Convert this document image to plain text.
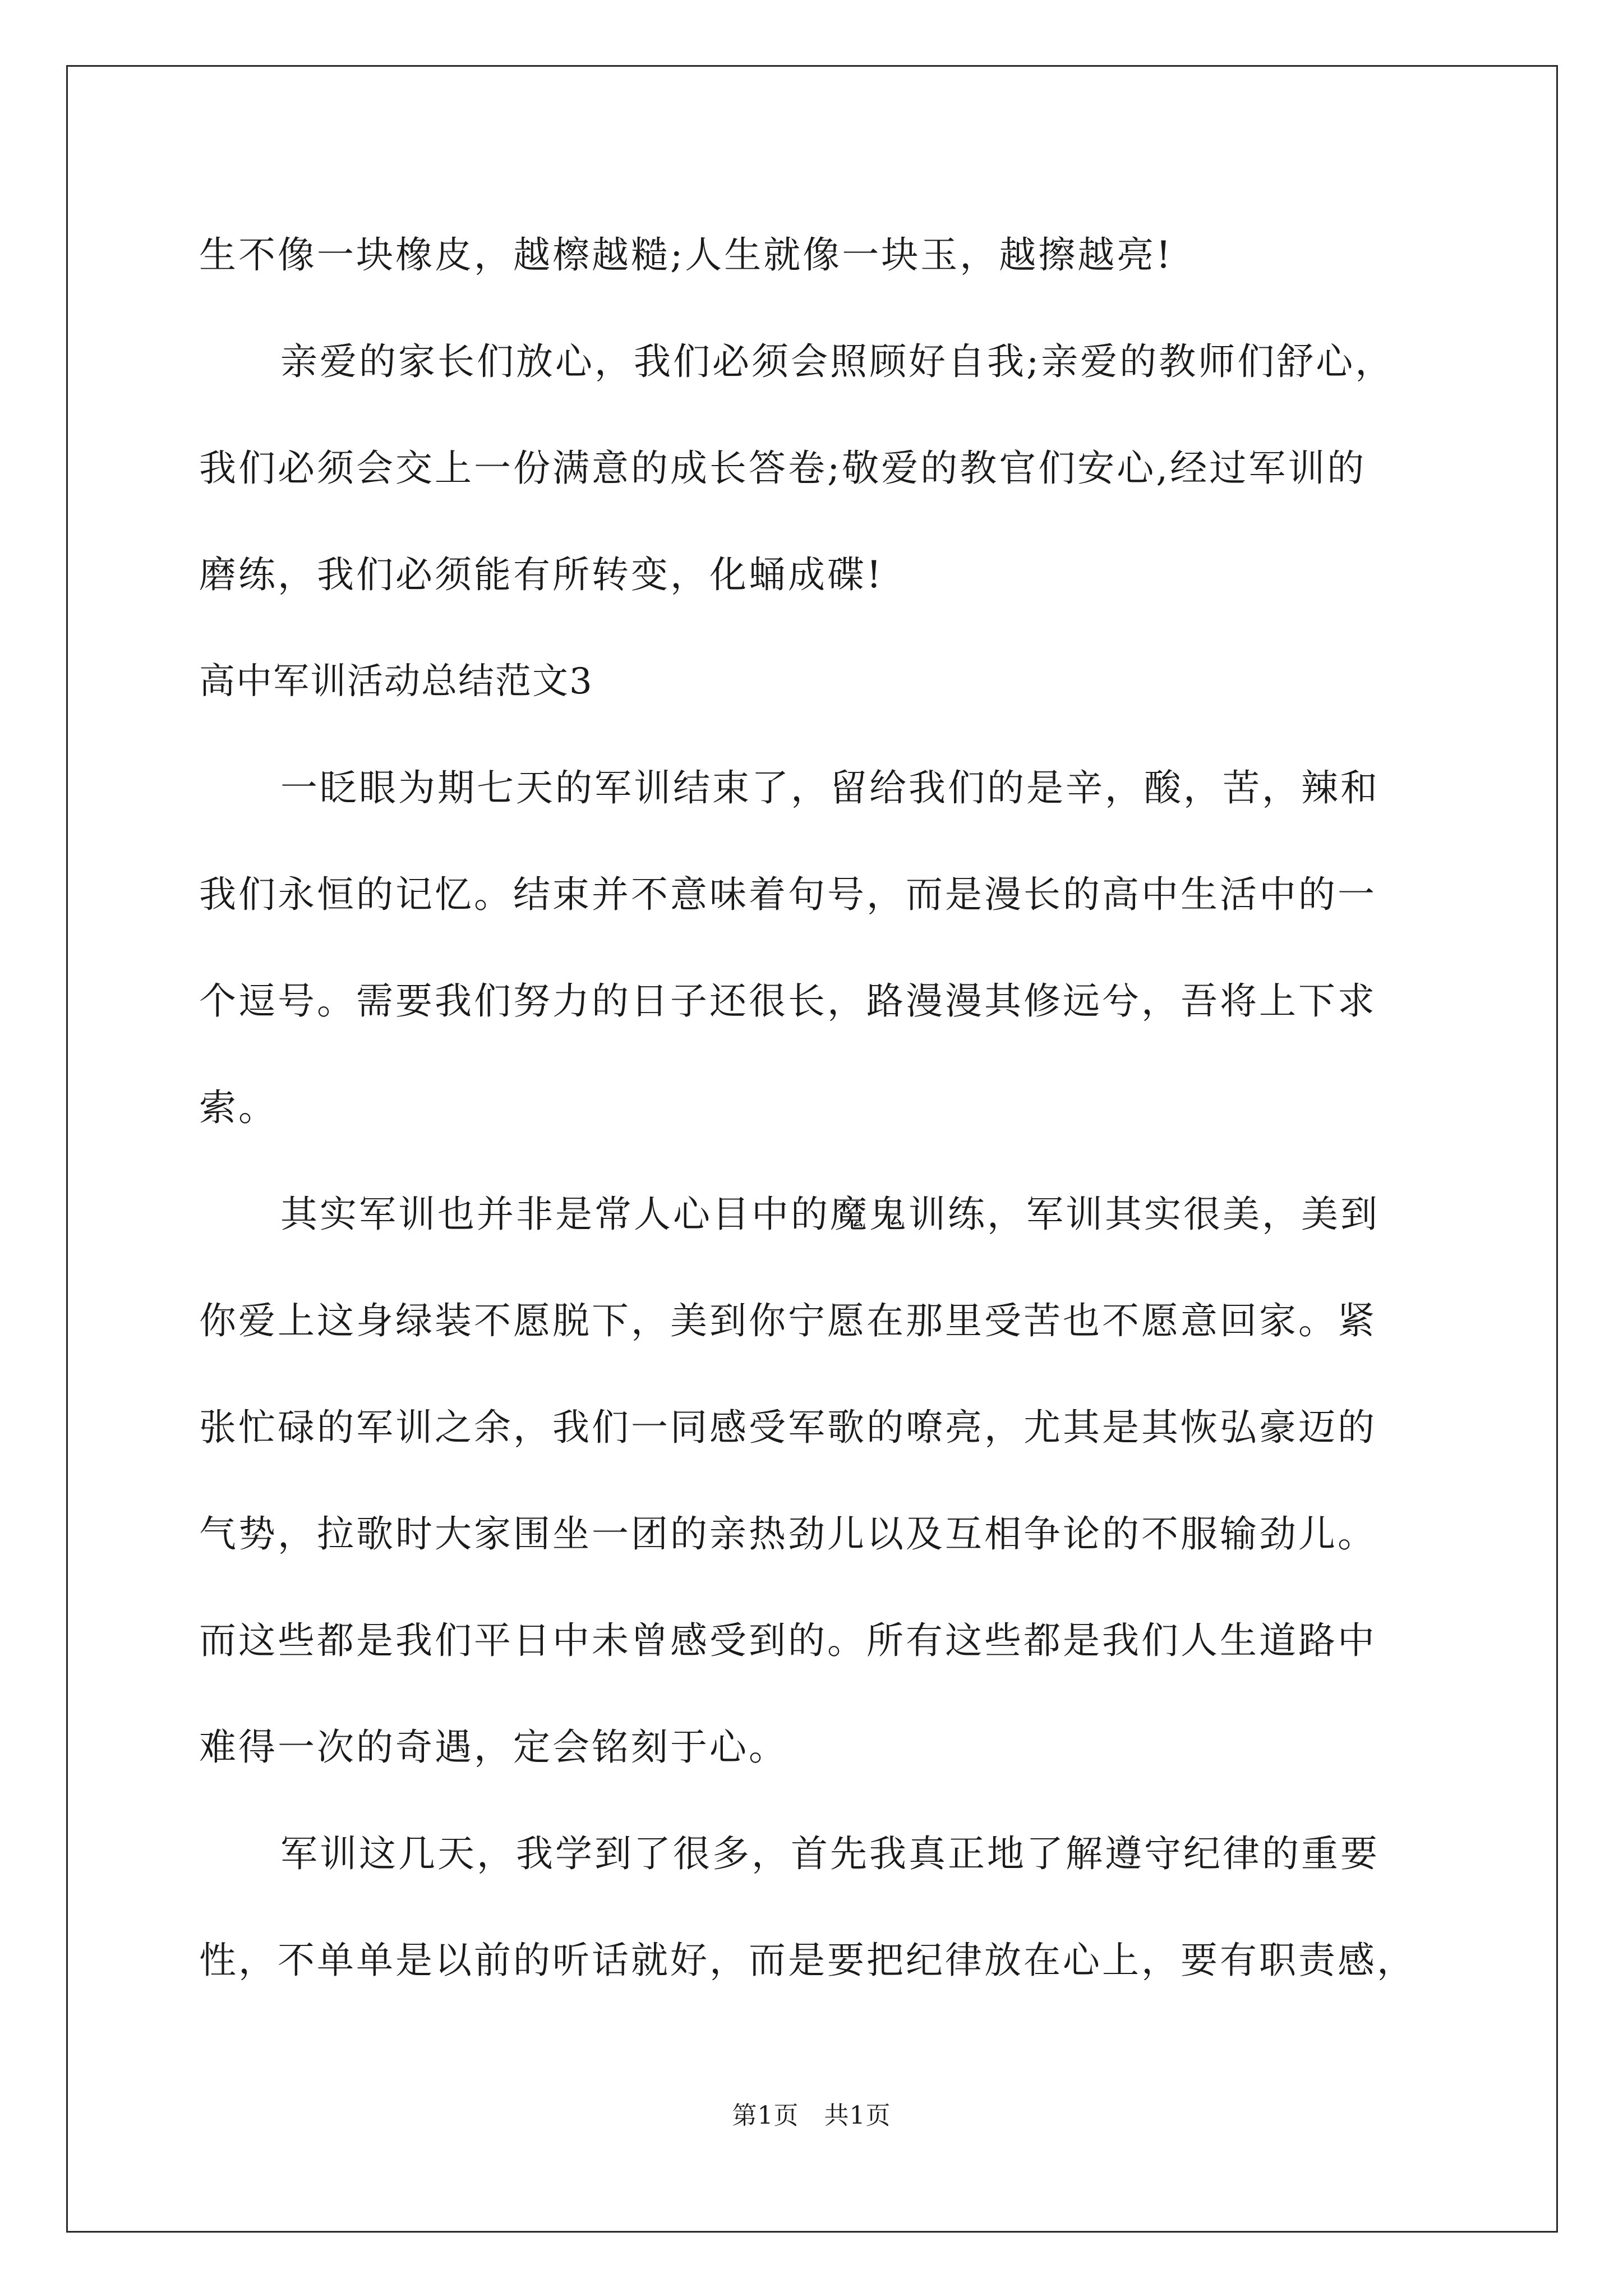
生不像一块橡皮，越檫越糙;人生就像一块玉，越擦越亮!
亲爱的家长们放心，我们必须会照顾好自我;亲爱的教师们舒心，
我们必须会交上一份满意的成长答卷;敬爱的教官们安心,经过军训的
磨练，我们必须能有所转变，化蛹成碟!
高中军训活动总结范文3
一眨眼为期七天的军训结束了，留给我们的是辛，酸，苦，辣和
我们永恒的记忆。结束并不意味着句号，而是漫长的高中生活中的一
个逗号。需要我们努力的日子还很长，路漫漫其修远兮，吾将上下求
索。
其实军训也并非是常人心目中的魔鬼训练，军训其实很美，美到
你爱上这身绿装不愿脱下，美到你宁愿在那里受苦也不愿意回家。紧
张忙碌的军训之余，我们一同感受军歌的嘹亮，尤其是其恢弘豪迈的
气势，拉歌时大家围坐一团的亲热劲儿以及互相争论的不服输劲儿。
而这些都是我们平日中未曾感受到的。所有这些都是我们人生道路中
难得一次的奇遇，定会铭刻于心。
军训这几天，我学到了很多，首先我真正地了解遵守纪律的重要
性，不单单是以前的听话就好，而是要把纪律放在心上，要有职责感，
第1页　共1页
